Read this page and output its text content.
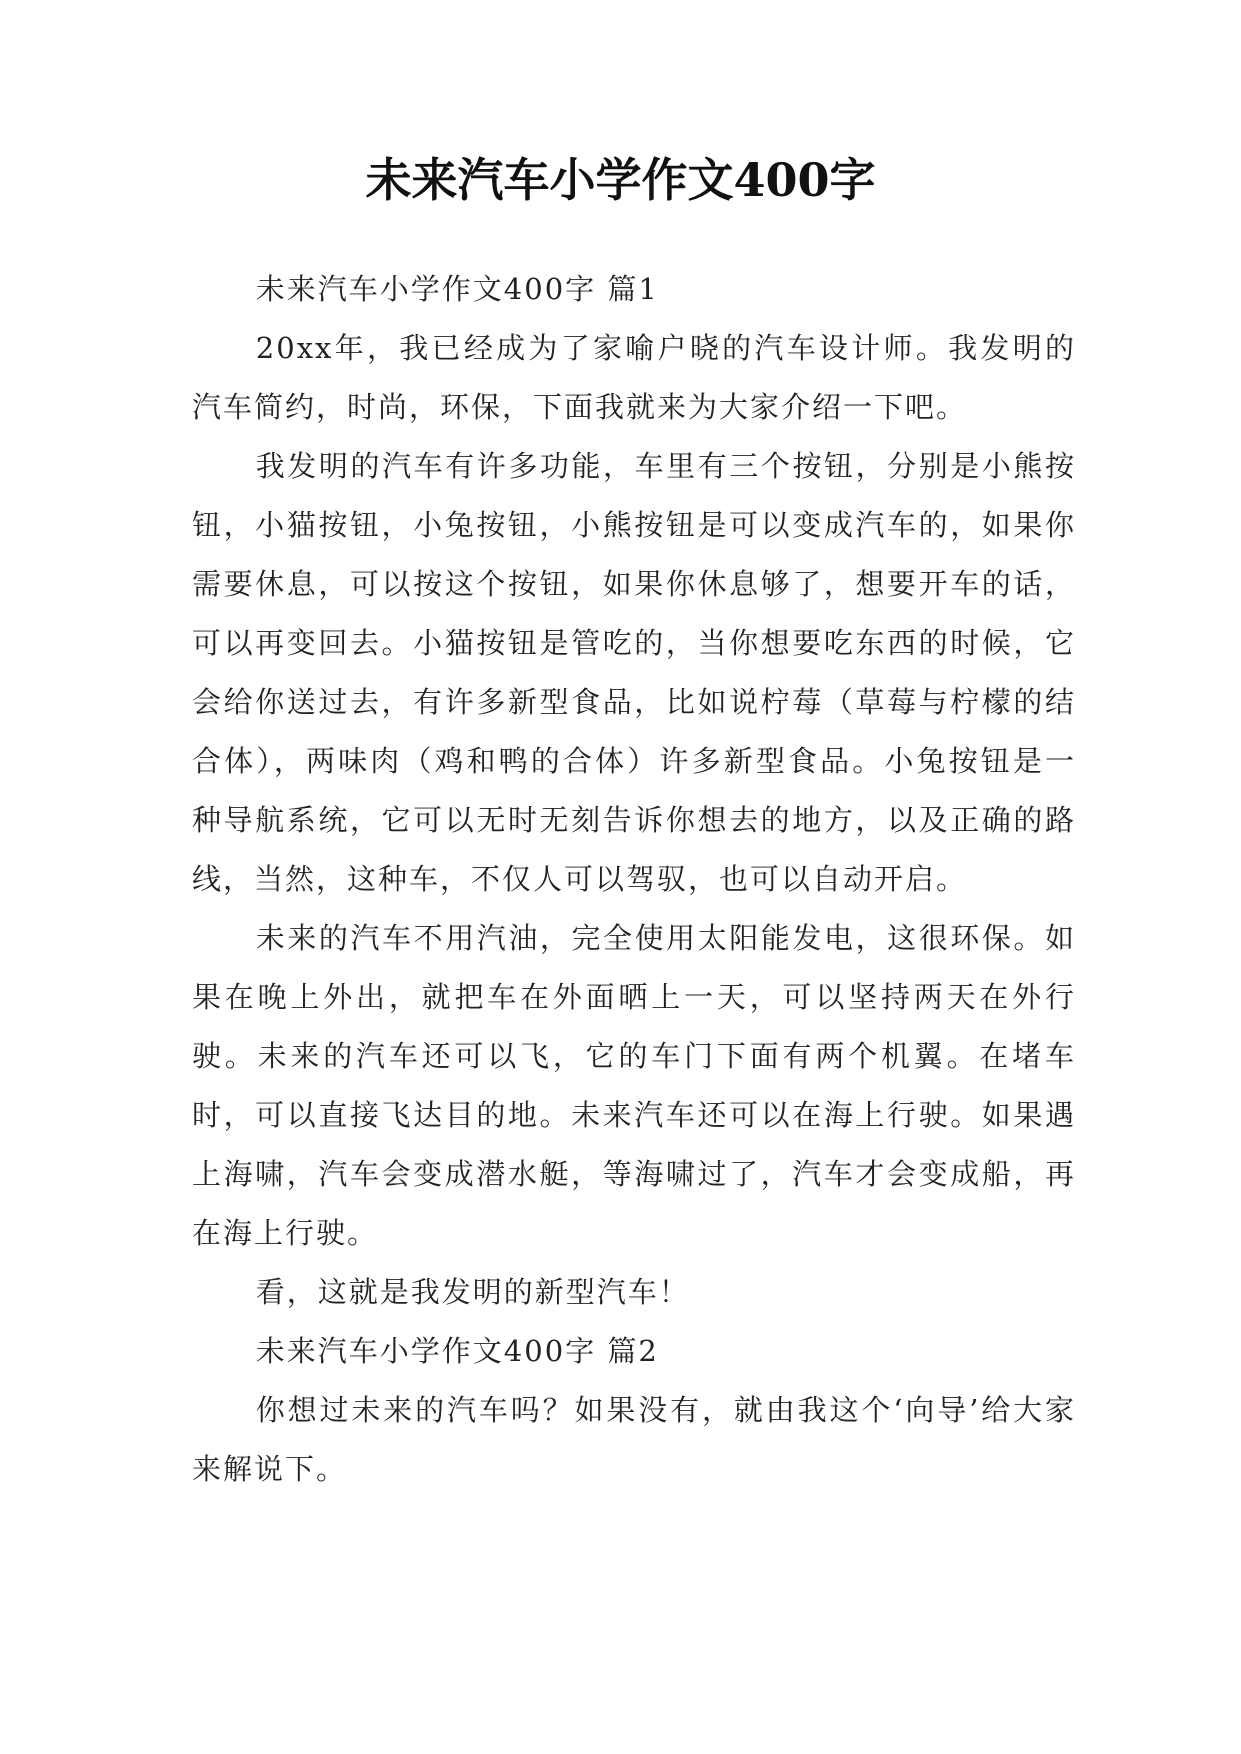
未来汽车小学作文400字

未来汽车小学作文400字 篇1

20xx年，我已经成为了家喻户晓的汽车设计师。我发明的汽车简约，时尚，环保，下面我就来为大家介绍一下吧。

我发明的汽车有许多功能，车里有三个按钮，分别是小熊按钮，小猫按钮，小兔按钮，小熊按钮是可以变成汽车的，如果你需要休息，可以按这个按钮，如果你休息够了，想要开车的话，可以再变回去。小猫按钮是管吃的，当你想要吃东西的时候，它会给你送过去，有许多新型食品，比如说柠莓（草莓与柠檬的结合体），两味肉（鸡和鸭的合体）许多新型食品。小兔按钮是一种导航系统，它可以无时无刻告诉你想去的地方，以及正确的路线，当然，这种车，不仅人可以驾驭，也可以自动开启。

未来的汽车不用汽油，完全使用太阳能发电，这很环保。如果在晚上外出，就把车在外面晒上一天，可以坚持两天在外行驶。未来的汽车还可以飞，它的车门下面有两个机翼。在堵车时，可以直接飞达目的地。未来汽车还可以在海上行驶。如果遇上海啸，汽车会变成潜水艇，等海啸过了，汽车才会变成船，再在海上行驶。

看，这就是我发明的新型汽车！

未来汽车小学作文400字 篇2

你想过未来的汽车吗？如果没有，就由我这个‘向导’给大家来解说下。
